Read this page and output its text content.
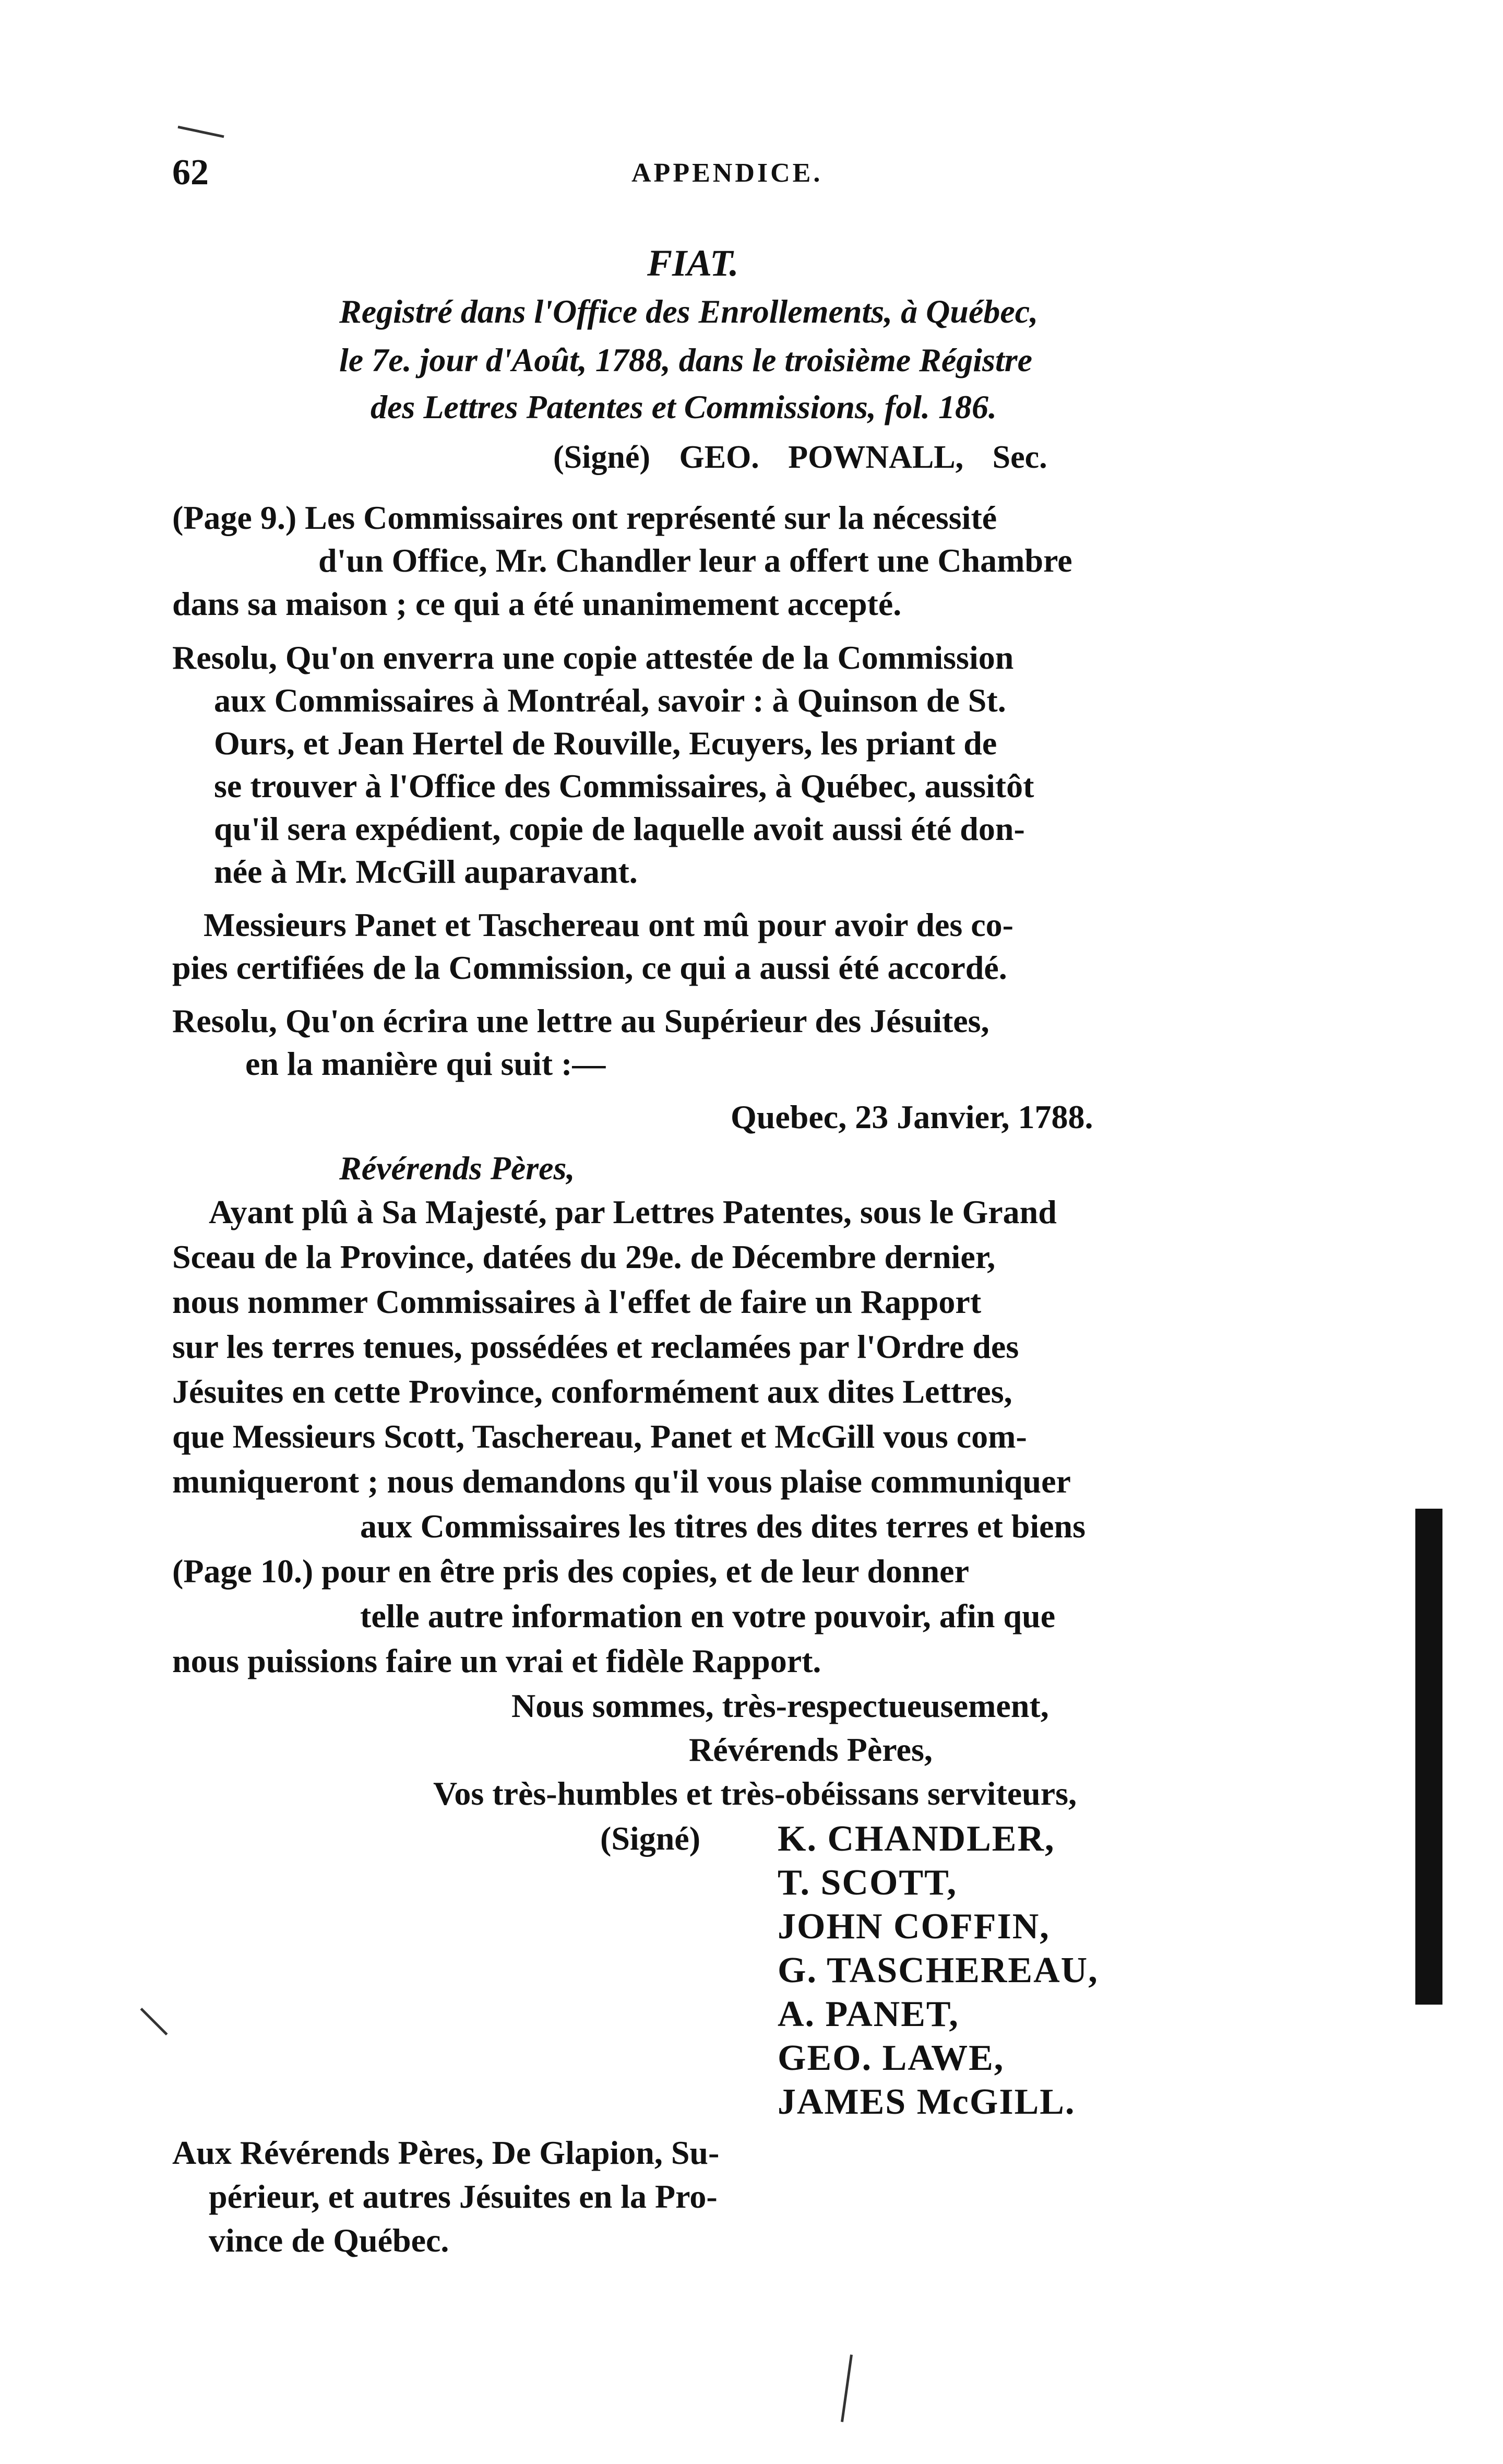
62	APPENDICE.
FIAT.
Registré dans l'Office des Enrollements, à Québec,
le 7e. jour d'Août, 1788, dans le troisième Régistre
des Lettres Patentes et Commissions, fol. 186.
(Signé) GEO. POWNALL, Sec.
(Page 9.) Les Commissaires ont représenté sur la nécessité
d'un Office, Mr. Chandler leur a offert une Chambre
dans sa maison ; ce qui a été unanimement accepté.
Resolu, Qu'on enverra une copie attestée de la Commission
aux Commissaires à Montréal, savoir : à Quinson de St.
Ours, et Jean Hertel de Rouville, Ecuyers, les priant de
se trouver à l'Office des Commissaires, à Québec, aussitôt
qu'il sera expédient, copie de laquelle avoit aussi été don-
née à Mr. McGill auparavant.
Messieurs Panet et Taschereau ont mû pour avoir des co-
pies certifiées de la Commission, ce qui a aussi été accordé.
Resolu, Qu'on écrira une lettre au Supérieur des Jésuites,
en la manière qui suit :—
Quebec, 23 Janvier, 1788.
Révérends Pères,
Ayant plû à Sa Majesté, par Lettres Patentes, sous le Grand
Sceau de la Province, datées du 29e. de Décembre dernier,
nous nommer Commissaires à l'effet de faire un Rapport
sur les terres tenues, possédées et reclamées par l'Ordre des
Jésuites en cette Province, conformément aux dites Lettres,
que Messieurs Scott, Taschereau, Panet et McGill vous com-
muniqueront ; nous demandons qu'il vous plaise communiquer
aux Commissaires les titres des dites terres et biens
(Page 10.) pour en être pris des copies, et de leur donner
telle autre information en votre pouvoir, afin que
nous puissions faire un vrai et fidèle Rapport.
Nous sommes, très-respectueusement,
Révérends Pères,
Vos très-humbles et très-obéissans serviteurs,
(Signé) K. CHANDLER,
T. SCOTT,
JOHN COFFIN,
G. TASCHEREAU,
A. PANET,
GEO. LAWE,
JAMES McGILL.
Aux Révérends Pères, De Glapion, Su-
périeur, et autres Jésuites en la Pro-
vince de Québec.
